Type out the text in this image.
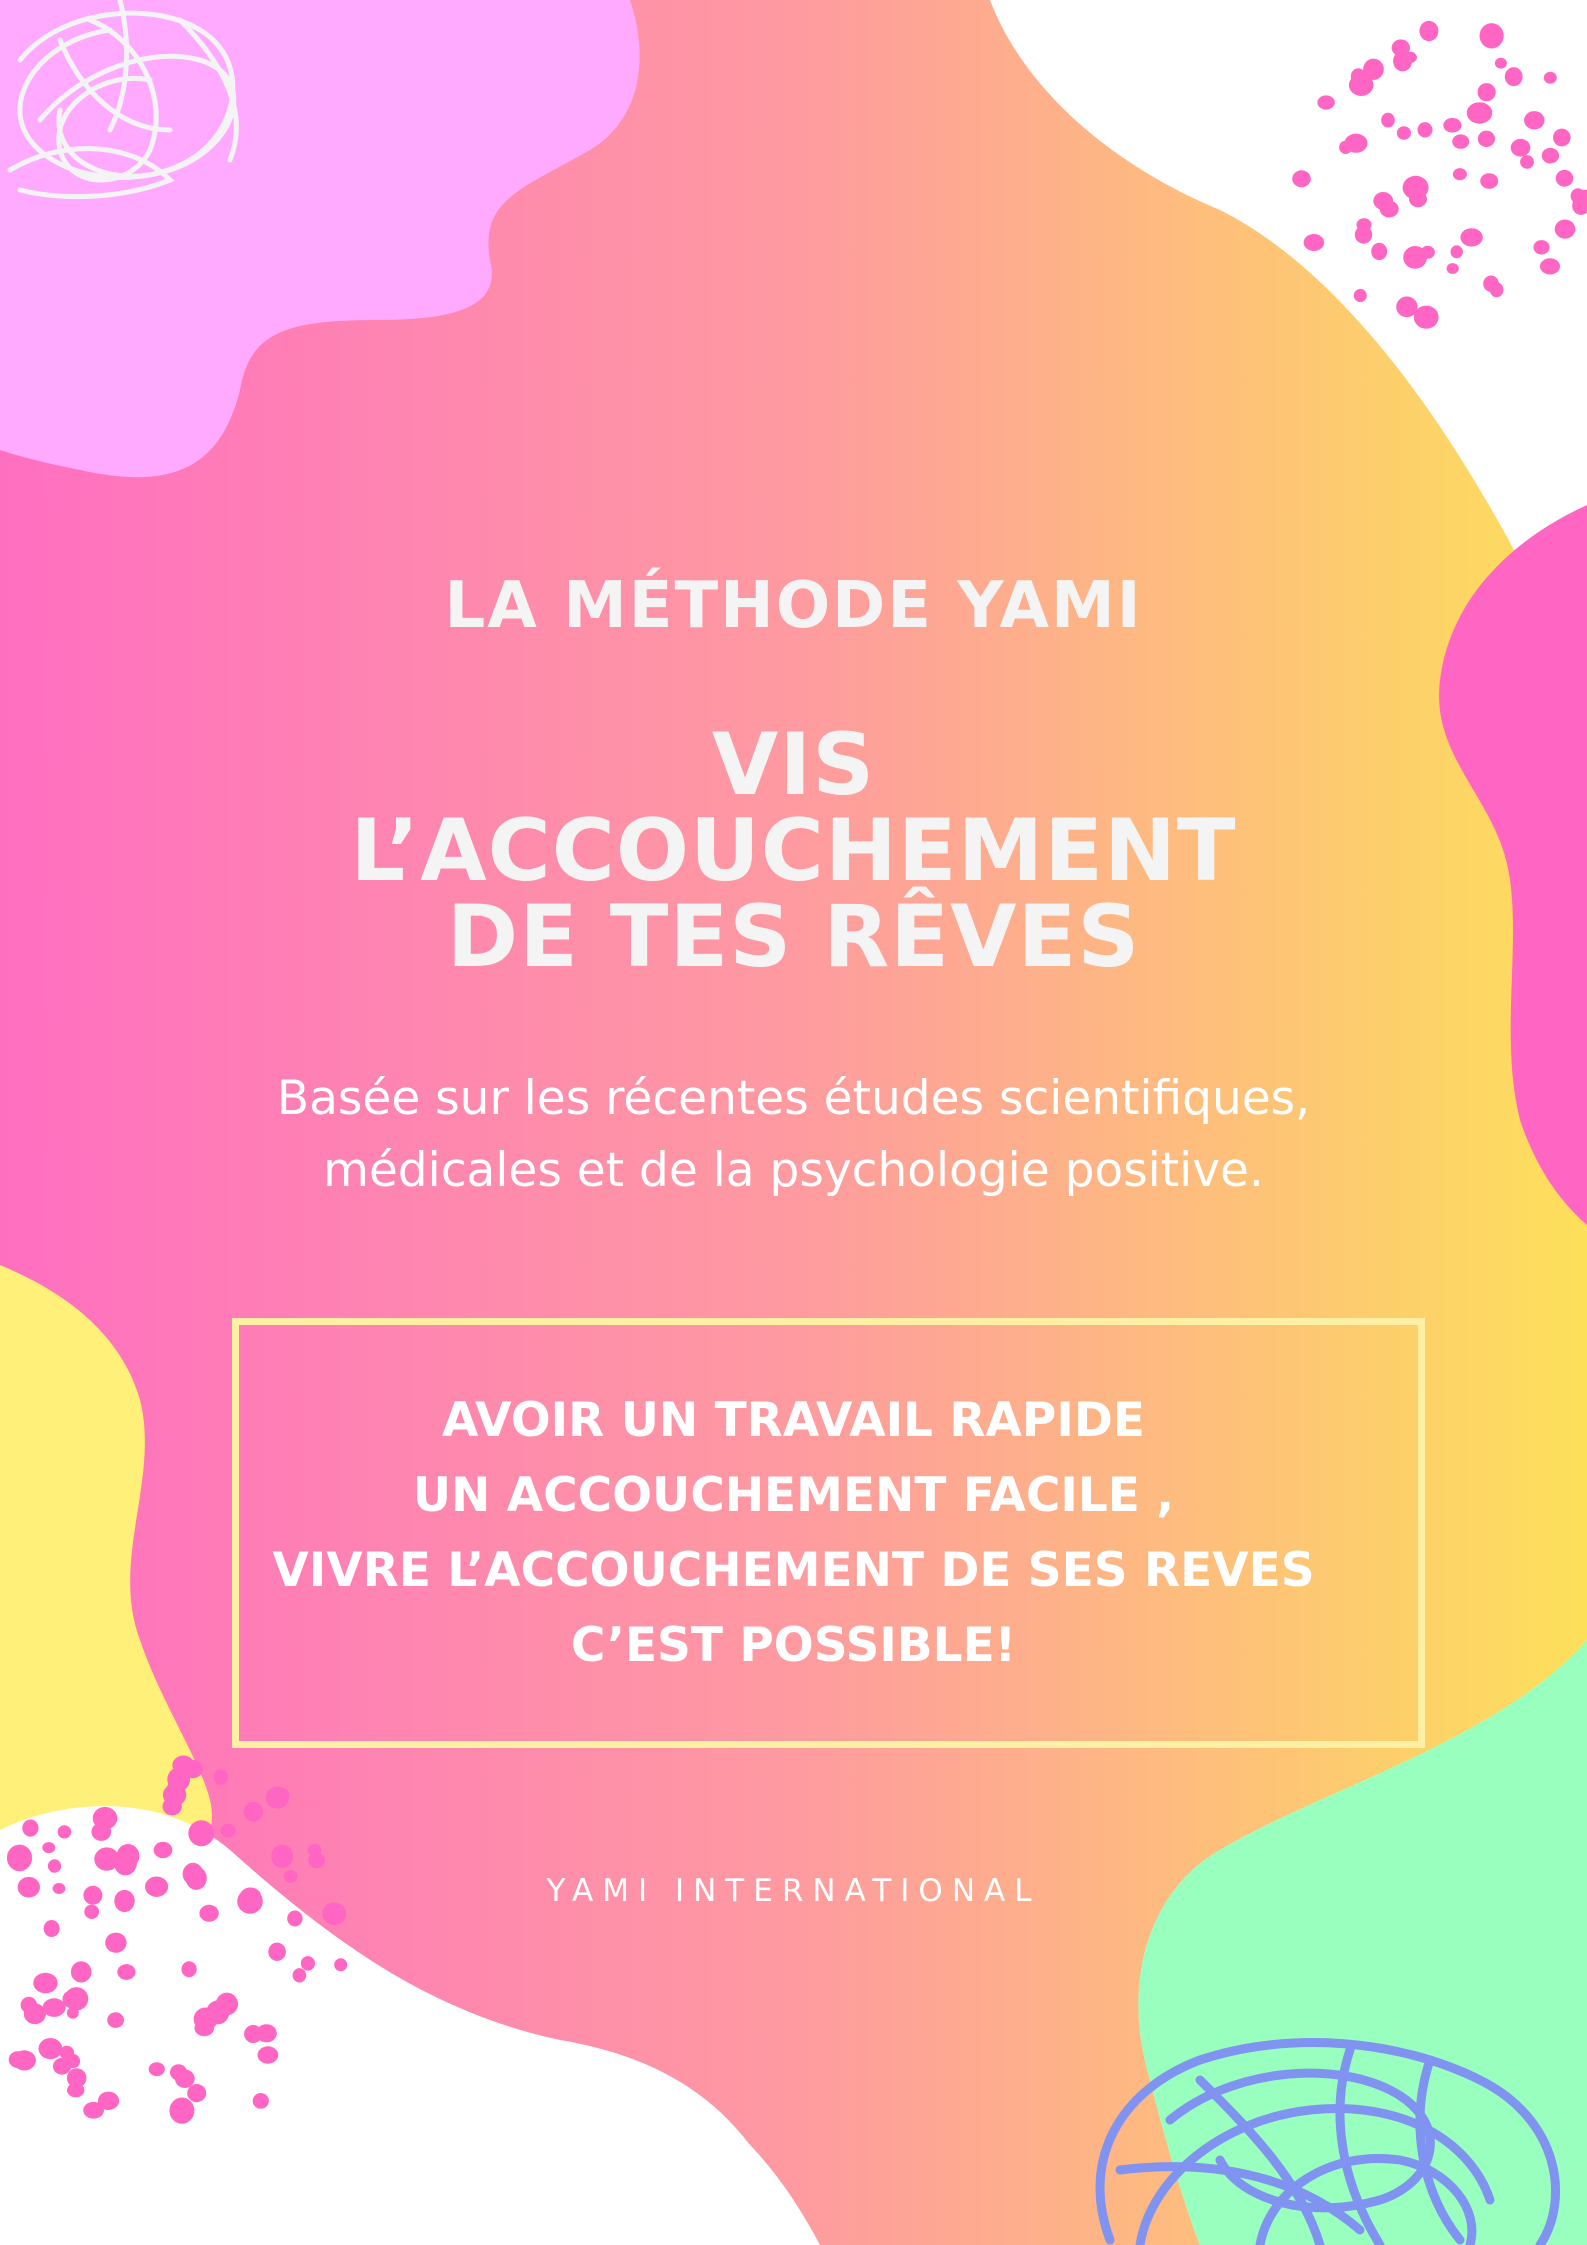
LA MÉTHODE YAMI
VIS
L’ACCOUCHEMENT
DE TES RÊVES
Basée sur les récentes études scientifiques,
médicales et de la psychologie positive.
AVOIR UN TRAVAIL RAPIDE
UN ACCOUCHEMENT FACILE ,
VIVRE L’ACCOUCHEMENT DE SES REVES
C’EST POSSIBLE!
YAMI INTERNATIONAL
